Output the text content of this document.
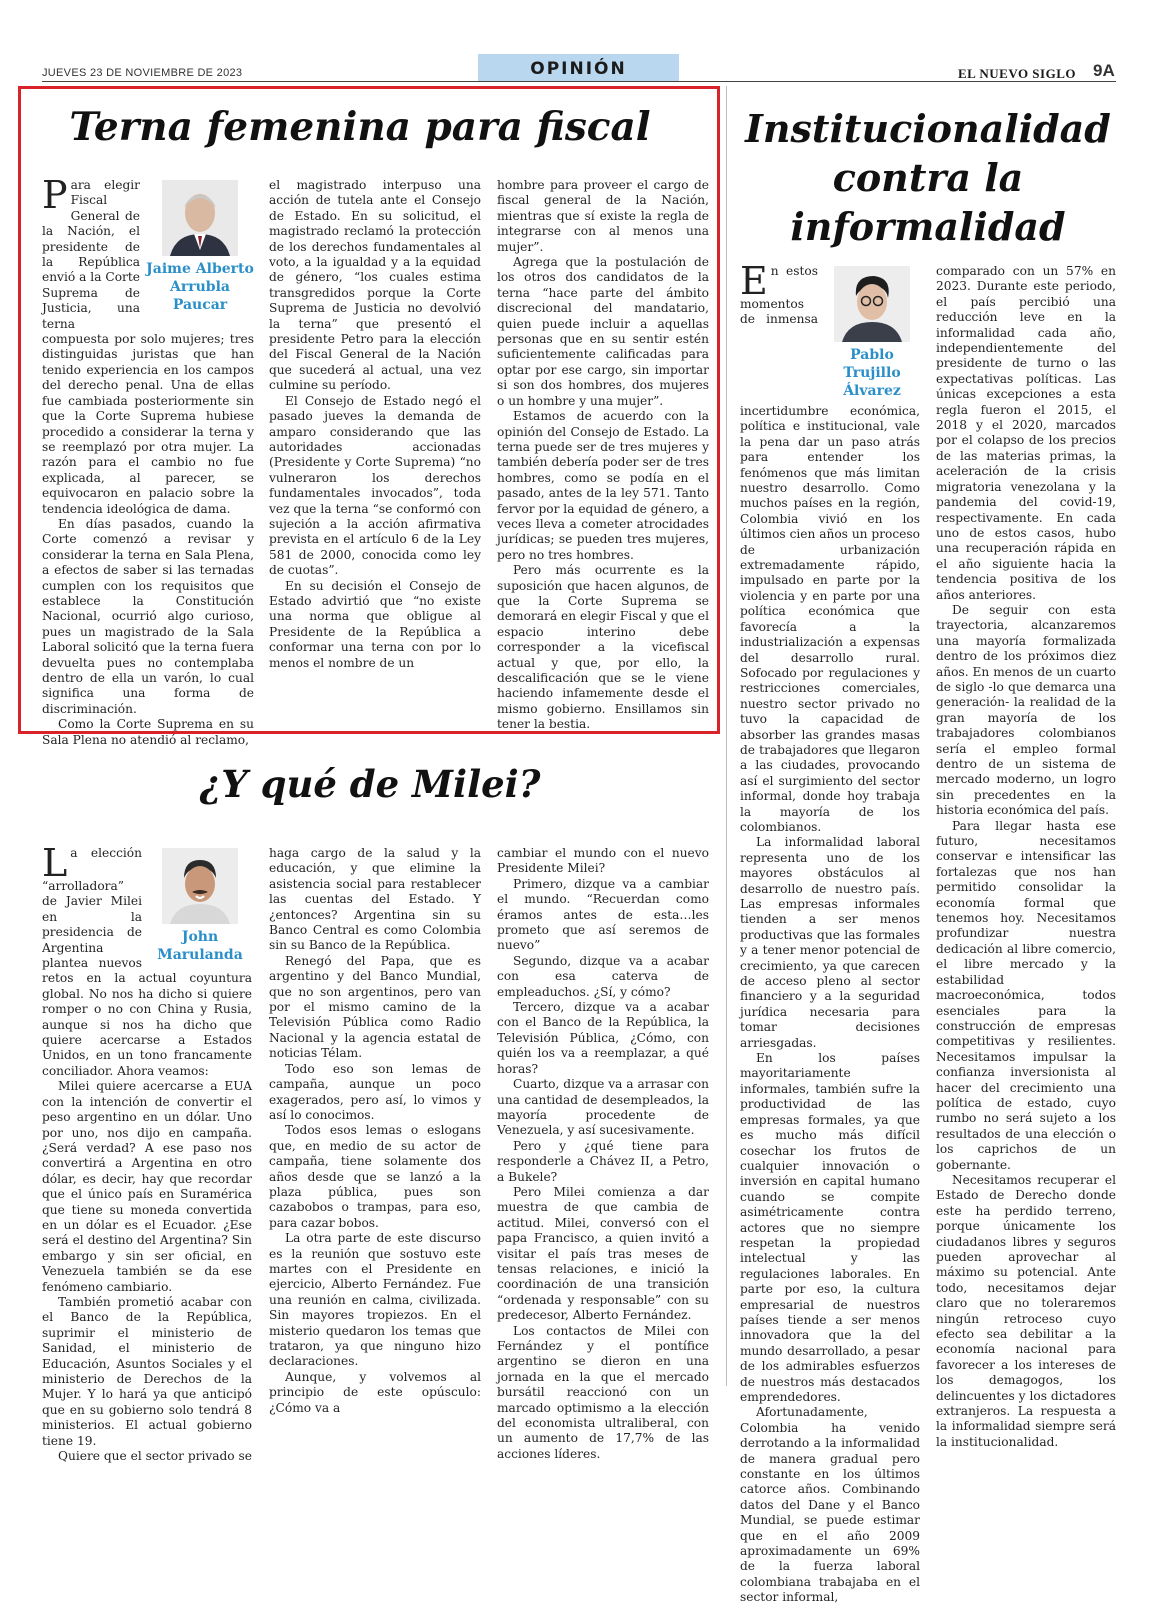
JUEVES 23 DE NOVIEMBRE DE 2023	OPINIÓN	EL NUEVO SIGLO 9A
Terna femenina para fiscal
Jaime Alberto Arrubla Paucar

Para elegir Fiscal General de la Nación, el presidente de la República envió a la Corte Suprema de Justicia, una terna compuesta por solo mujeres; tres distinguidas juristas que han tenido experiencia en los campos del derecho penal. Una de ellas fue cambiada posteriormente sin que la Corte Suprema hubiese procedido a considerar la terna y se reemplazó por otra mujer. La razón para el cambio no fue explicada, al parecer, se equivocaron en palacio sobre la tendencia ideológica de dama.

En días pasados, cuando la Corte comenzó a revisar y considerar la terna en Sala Plena, a efectos de saber si las ternadas cumplen con los requisitos que establece la Constitución Nacional, ocurrió algo curioso, pues un magistrado de la Sala Laboral solicitó que la terna fuera devuelta pues no contemplaba dentro de ella un varón, lo cual significa una forma de discriminación.

Como la Corte Suprema en su Sala Plena no atendió al reclamo,

el magistrado interpuso una acción de tutela ante el Consejo de Estado. En su solicitud, el magistrado reclamó la protección de los derechos fundamentales al voto, a la igualdad y a la equidad de género, “los cuales estima transgredidos porque la Corte Suprema de Justicia no devolvió la terna” que presentó el presidente Petro para la elección del Fiscal General de la Nación que sucederá al actual, una vez culmine su período.

El Consejo de Estado negó el pasado jueves la demanda de amparo considerando que las autoridades accionadas (Presidente y Corte Suprema) “no vulneraron los derechos fundamentales invocados”, toda vez que la terna “se conformó con sujeción a la acción afirmativa prevista en el artículo 6 de la Ley 581 de 2000, conocida como ley de cuotas”.

En su decisión el Consejo de Estado advirtió que “no existe una norma que obligue al Presidente de la República a conformar una terna con por lo menos el nombre de un

hombre para proveer el cargo de fiscal general de la Nación, mientras que sí existe la regla de integrarse con al menos una mujer”.

Agrega que la postulación de los otros dos candidatos de la terna “hace parte del ámbito discrecional del mandatario, quien puede incluir a aquellas personas que en su sentir estén suficientemente calificadas para optar por ese cargo, sin importar si son dos hombres, dos mujeres o un hombre y una mujer”.

Estamos de acuerdo con la opinión del Consejo de Estado. La terna puede ser de tres mujeres y también debería poder ser de tres hombres, como se podía en el pasado, antes de la ley 571. Tanto fervor por la equidad de género, a veces lleva a cometer atrocidades jurídicas; se pueden tres mujeres, pero no tres hombres.

Pero más ocurrente es la suposición que hacen algunos, de que la Corte Suprema se demorará en elegir Fiscal y que el espacio interino debe corresponder a la vicefiscal actual y que, por ello, la descalificación que se le viene haciendo infamemente desde el mismo gobierno. Ensillamos sin tener la bestia.

Institucionalidad contra la informalidad
Pablo Trujillo Álvarez

En estos momentos de inmensa incertidumbre económica, política e institucional, vale la pena dar un paso atrás para entender los fenómenos que más limitan nuestro desarrollo. Como muchos países en la región, Colombia vivió en los últimos cien años un proceso de urbanización extremadamente rápido, impulsado en parte por la violencia y en parte por una política económica que favorecía a la industrialización a expensas del desarrollo rural. Sofocado por regulaciones y restricciones comerciales, nuestro sector privado no tuvo la capacidad de absorber las grandes masas de trabajadores que llegaron a las ciudades, provocando así el surgimiento del sector informal, donde hoy trabaja la mayoría de los colombianos.

La informalidad laboral representa uno de los mayores obstáculos al desarrollo de nuestro país. Las empresas informales tienden a ser menos productivas que las formales y a tener menor potencial de crecimiento, ya que carecen de acceso pleno al sector financiero y a la seguridad jurídica necesaria para tomar decisiones arriesgadas.

En los países mayoritariamente informales, también sufre la productividad de las empresas formales, ya que es mucho más difícil cosechar los frutos de cualquier innovación o inversión en capital humano cuando se compite asimétricamente contra actores que no siempre respetan la propiedad intelectual y las regulaciones laborales. En parte por eso, la cultura empresarial de nuestros países tiende a ser menos innovadora que la del mundo desarrollado, a pesar de los admirables esfuerzos de nuestros más destacados emprendedores.

Afortunadamente, Colombia ha venido derrotando a la informalidad de manera gradual pero constante en los últimos catorce años. Combinando datos del Dane y el Banco Mundial, se puede estimar que en el año 2009 aproximadamente un 69% de la fuerza laboral colombiana trabajaba en el sector informal,

comparado con un 57% en 2023. Durante este periodo, el país percibió una reducción leve en la informalidad cada año, independientemente del presidente de turno o las expectativas políticas. Las únicas excepciones a esta regla fueron el 2015, el 2018 y el 2020, marcados por el colapso de los precios de las materias primas, la aceleración de la crisis migratoria venezolana y la pandemia del covid-19, respectivamente. En cada uno de estos casos, hubo una recuperación rápida en el año siguiente hacia la tendencia positiva de los años anteriores.

De seguir con esta trayectoria, alcanzaremos una mayoría formalizada dentro de los próximos diez años. En menos de un cuarto de siglo -lo que demarca una generación- la realidad de la gran mayoría de los trabajadores colombianos sería el empleo formal dentro de un sistema de mercado moderno, un logro sin precedentes en la historia económica del país.

Para llegar hasta ese futuro, necesitamos conservar e intensificar las fortalezas que nos han permitido consolidar la economía formal que tenemos hoy. Necesitamos profundizar nuestra dedicación al libre comercio, el libre mercado y la estabilidad macroeconómica, todos esenciales para la construcción de empresas competitivas y resilientes. Necesitamos impulsar la confianza inversionista al hacer del crecimiento una política de estado, cuyo rumbo no será sujeto a los resultados de una elección o los caprichos de un gobernante.

Necesitamos recuperar el Estado de Derecho donde este ha perdido terreno, porque únicamente los ciudadanos libres y seguros pueden aprovechar al máximo su potencial. Ante todo, necesitamos dejar claro que no toleraremos ningún retroceso cuyo efecto sea debilitar a la economía nacional para favorecer a los intereses de los demagogos, los delincuentes y los dictadores extranjeros. La respuesta a la informalidad siempre será la institucionalidad.

¿Y qué de Milei?
John Marulanda

La elección “arrolladora” de Javier Milei en la presidencia de Argentina plantea nuevos retos en la actual coyuntura global. No nos ha dicho si quiere romper o no con China y Rusia, aunque si nos ha dicho que quiere acercarse a Estados Unidos, en un tono francamente conciliador. Ahora veamos:

Milei quiere acercarse a EUA con la intención de convertir el peso argentino en un dólar. Uno por uno, nos dijo en campaña. ¿Será verdad? A ese paso nos convertirá a Argentina en otro dólar, es decir, hay que recordar que el único país en Suramérica que tiene su moneda convertida en un dólar es el Ecuador. ¿Ese será el destino del Argentina? Sin embargo y sin ser oficial, en Venezuela también se da ese fenómeno cambiario.

También prometió acabar con el Banco de la República, suprimir el ministerio de Sanidad, el ministerio de Educación, Asuntos Sociales y el ministerio de Derechos de la Mujer. Y lo hará ya que anticipó que en su gobierno solo tendrá 8 ministerios. El actual gobierno tiene 19.

Quiere que el sector privado se

haga cargo de la salud y la educación, y que elimine la asistencia social para restablecer las cuentas del Estado. Y ¿entonces? Argentina sin su Banco Central es como Colombia sin su Banco de la República.

Renegó del Papa, que es argentino y del Banco Mundial, que no son argentinos, pero van por el mismo camino de la Televisión Pública como Radio Nacional y la agencia estatal de noticias Télam.

Todo eso son lemas de campaña, aunque un poco exagerados, pero así, lo vimos y así lo conocimos.

Todos esos lemas o eslogans que, en medio de su actor de campaña, tiene solamente dos años desde que se lanzó a la plaza pública, pues son cazabobos o trampas, para eso, para cazar bobos.

La otra parte de este discurso es la reunión que sostuvo este martes con el Presidente en ejercicio, Alberto Fernández. Fue una reunión en calma, civilizada. Sin mayores tropiezos. En el misterio quedaron los temas que trataron, ya que ninguno hizo declaraciones.

Aunque, y volvemos al principio de este opúsculo: ¿Cómo va a

cambiar el mundo con el nuevo Presidente Milei?

Primero, dizque va a cambiar el mundo. “Recuerdan como éramos antes de esta…les prometo que así seremos de nuevo”

Segundo, dizque va a acabar con esa caterva de empleaduchos. ¿Sí, y cómo?

Tercero, dizque va a acabar con el Banco de la República, la Televisión Pública, ¿Cómo, con quién los va a reemplazar, a qué horas?

Cuarto, dizque va a arrasar con una cantidad de desempleados, la mayoría procedente de Venezuela, y así sucesivamente.

Pero y ¿qué tiene para responderle a Chávez II, a Petro, a Bukele?

Pero Milei comienza a dar muestra de que cambia de actitud. Milei, conversó con el papa Francisco, a quien invitó a visitar el país tras meses de tensas relaciones, e inició la coordinación de una transición “ordenada y responsable” con su predecesor, Alberto Fernández.

Los contactos de Milei con Fernández y el pontífice argentino se dieron en una jornada en la que el mercado bursátil reaccionó con un marcado optimismo a la elección del economista ultraliberal, con un aumento de 17,7% de las acciones líderes.
